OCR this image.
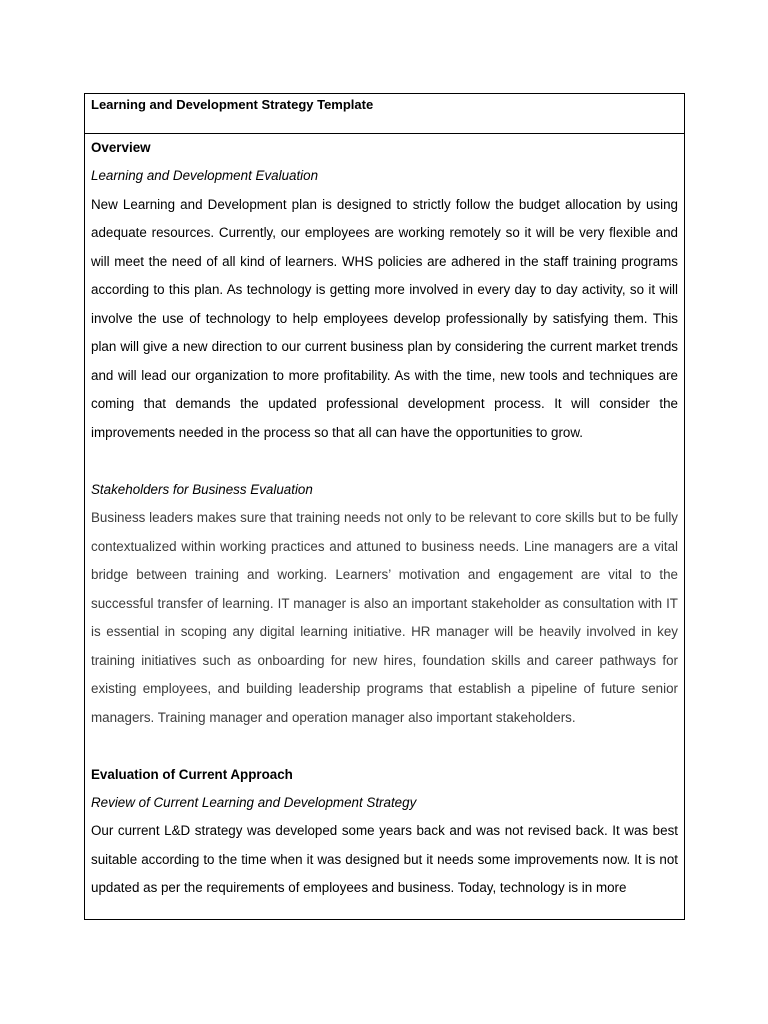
Learning and Development Strategy Template

Overview

Learning and Development Evaluation

New Learning and Development plan is designed to strictly follow the budget allocation by using adequate resources. Currently, our employees are working remotely so it will be very flexible and will meet the need of all kind of learners. WHS policies are adhered in the staff training programs according to this plan. As technology is getting more involved in every day to day activity, so it will involve the use of technology to help employees develop professionally by satisfying them. This plan will give a new direction to our current business plan by considering the current market trends and will lead our organization to more profitability. As with the time, new tools and techniques are coming that demands the updated professional development process. It will consider the improvements needed in the process so that all can have the opportunities to grow.

Stakeholders for Business Evaluation

Business leaders makes sure that training needs not only to be relevant to core skills but to be fully contextualized within working practices and attuned to business needs. Line managers are a vital bridge between training and working. Learners’ motivation and engagement are vital to the successful transfer of learning. IT manager is also an important stakeholder as consultation with IT is essential in scoping any digital learning initiative. HR manager will be heavily involved in key training initiatives such as onboarding for new hires, foundation skills and career pathways for existing employees, and building leadership programs that establish a pipeline of future senior managers. Training manager and operation manager also important stakeholders.

Evaluation of Current Approach

Review of Current Learning and Development Strategy

Our current L&D strategy was developed some years back and was not revised back. It was best suitable according to the time when it was designed but it needs some improvements now. It is not updated as per the requirements of employees and business. Today, technology is in more
